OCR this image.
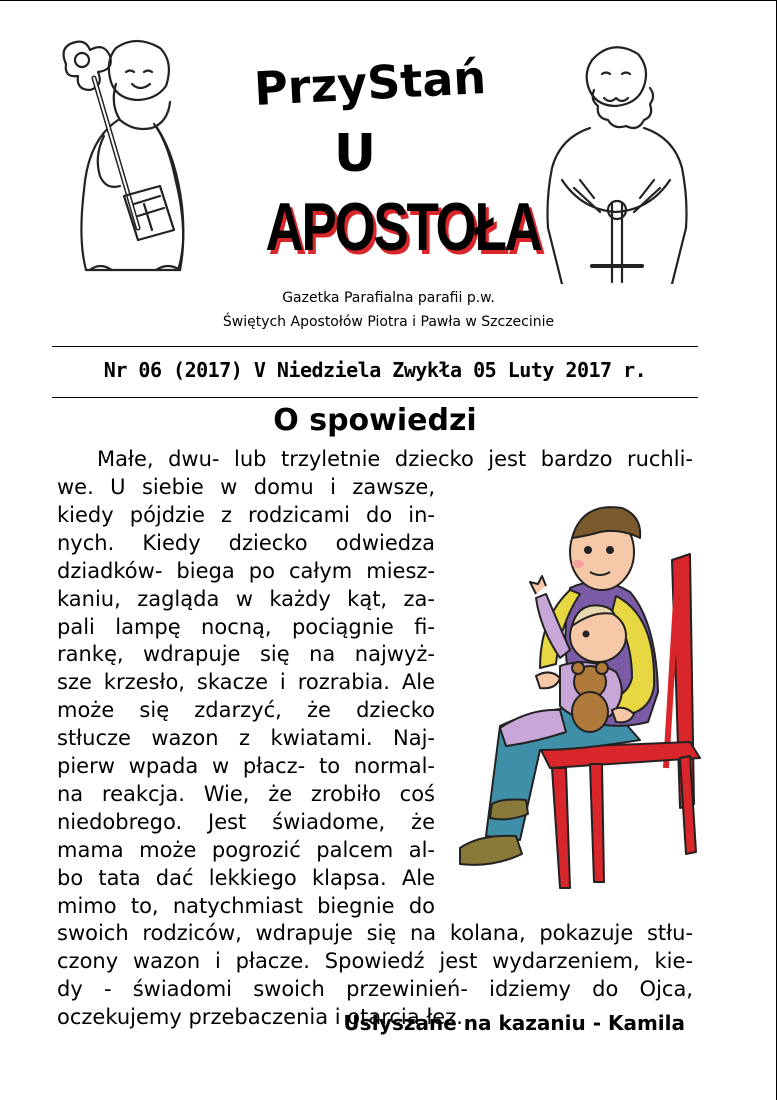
PrzyStań
U
APOSTOŁA
Gazetka Parafialna parafii p.w.
Świętych Apostołów Piotra i Pawła w Szczecinie
Nr 06 (2017) V Niedziela Zwykła 05 Luty 2017 r.
O spowiedzi
Małe, dwu- lub trzyletnie dziecko jest bardzo ruchli-
we. U siebie w domu i zawsze,
kiedy pójdzie z rodzicami do in-
nych. Kiedy dziecko odwiedza
dziadków- biega po całym miesz-
kaniu, zagląda w każdy kąt, za-
pali lampę nocną, pociągnie fi-
rankę, wdrapuje się na najwyż-
sze krzesło, skacze i rozrabia. Ale
może się zdarzyć, że dziecko
stłucze wazon z kwiatami. Naj-
pierw wpada w płacz- to normal-
na reakcja. Wie, że zrobiło coś
niedobrego. Jest świadome, że
mama może pogrozić palcem al-
bo tata dać lekkiego klapsa. Ale
mimo to, natychmiast biegnie do
swoich rodziców, wdrapuje się na kolana, pokazuje stłu-
czony wazon i płacze. Spowiedź jest wydarzeniem, kie-
dy - świadomi swoich przewinień- idziemy do Ojca,
oczekujemy przebaczenia i otarcia łez.
Usłyszane na kazaniu - Kamila
